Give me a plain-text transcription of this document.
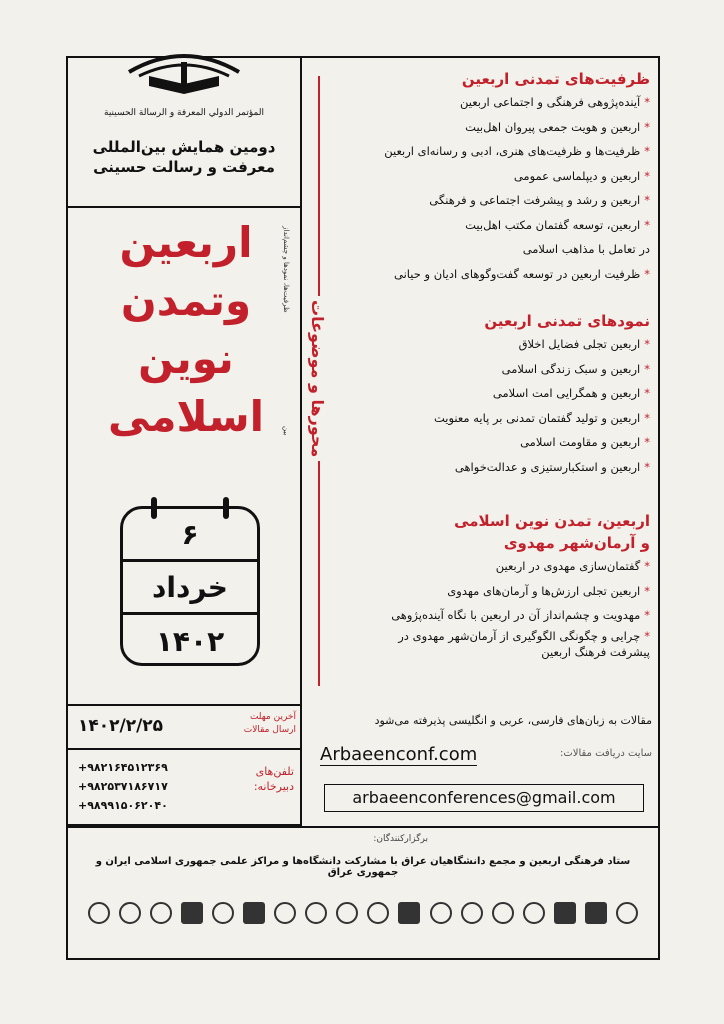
المؤتمر الدولي المعرفة و الرسالة الحسينية
دومین همایش بین‌المللی
معرفت و رسالت حسینی
اربعین
وتمدن
نوین
اسلامی
ظرفیت‌ها، نمودها و چشم‌انداز
بین
۶
خرداد
۱۴۰۲
محورها و موضوعات
ظرفیت‌های تمدنی اربعین
*آینده‌پژوهی فرهنگی و اجتماعی اربعین
*اربعین و هویت جمعی پیروان اهل‌بیت
*ظرفیت‌ها و ظرفیت‌های هنری، ادبی و رسانه‌ای اربعین
*اربعین و دیپلماسی عمومی
*اربعین و رشد و پیشرفت اجتماعی و فرهنگی
*اربعین، توسعه گفتمان مکتب اهل‌بیت
در تعامل با مذاهب اسلامی
*ظرفیت اربعین در توسعه گفت‌وگوهای ادیان و حیانی
نمودهای تمدنی اربعین
*اربعین تجلی فضایل اخلاق
*اربعین و سبک زندگی اسلامی
*اربعین و همگرایی امت اسلامی
*اربعین و تولید گفتمان تمدنی بر پایه معنویت
*اربعین و مقاومت اسلامی
*اربعین و استکبارستیزی و عدالت‌خواهی
اربعین، تمدن نوین اسلامی
و آرمان‌شهر مهدوی
*گفتمان‌سازی مهدوی در اربعین
*اربعین تجلی ارزش‌ها و آرمان‌های مهدوی
*مهدویت و چشم‌انداز آن در اربعین با نگاه آینده‌پژوهی
*چرایی و چگونگی الگوگیری از آرمان‌شهر مهدوی در
پیشرفت فرهنگ اربعین
۱۴۰۲/۲/۲۵	آخرین مهلت
ارسال مقالات
+۹۸۲۱۶۴۵۱۲۳۶۹
+۹۸۲۵۳۷۱۸۶۷۱۷
+۹۸۹۹۱۵۰۶۲۰۴۰
تلفن‌های
دبیرخانه:
مقالات به زبان‌های فارسی، عربی و انگلیسی پذیرفته می‌شود
Arbaeenconf.com	سایت دریافت مقالات:
arbaeenconferences@gmail.com
برگزارکنندگان:
ستاد فرهنگی اربعین و مجمع دانشگاهیان عراق با مشارکت دانشگاه‌ها و مراکز علمی جمهوری اسلامی ایران و جمهوری عراق
